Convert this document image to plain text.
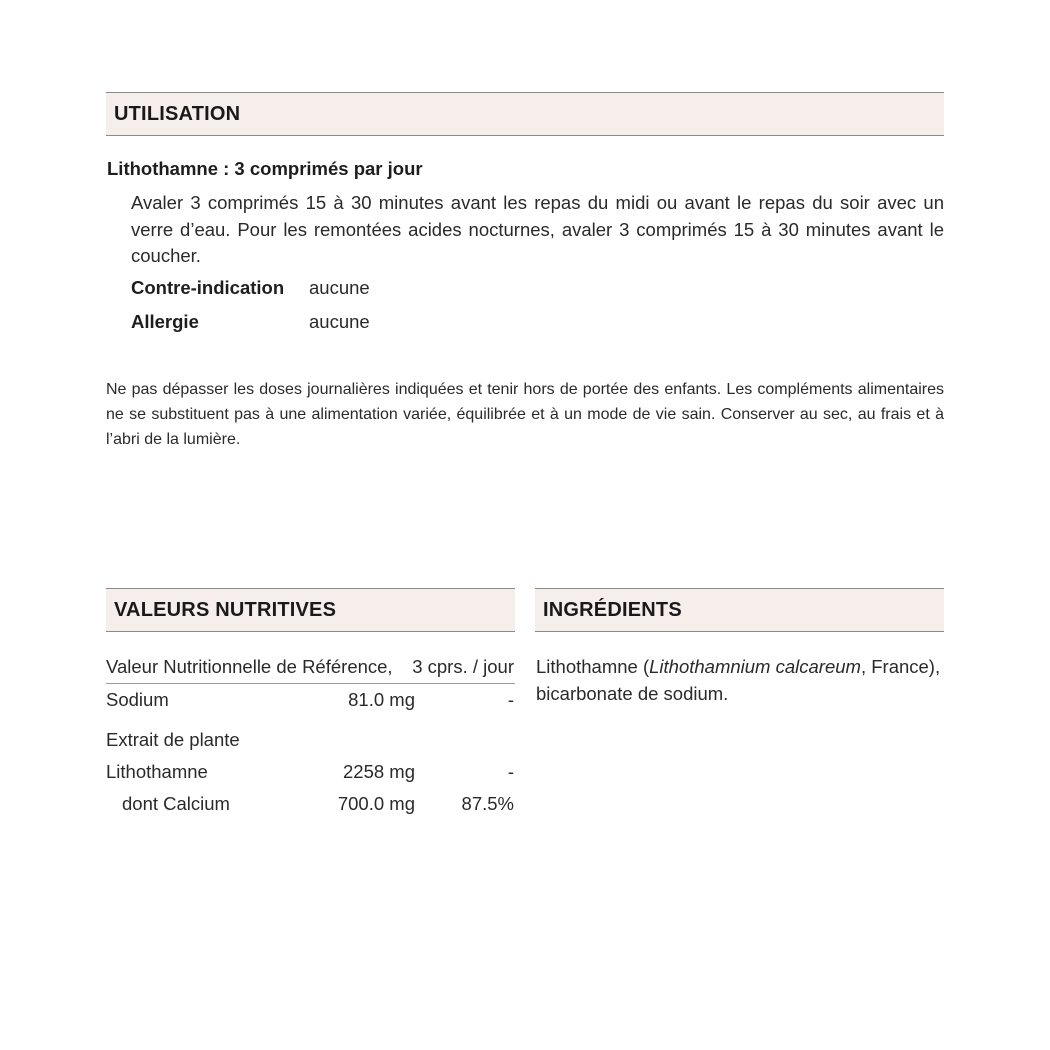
UTILISATION
Lithothamne : 3 comprimés par jour
Avaler 3 comprimés 15 à 30 minutes avant les repas du midi ou avant le repas du soir avec un verre d’eau. Pour les remontées acides nocturnes, avaler 3 comprimés 15 à 30 minutes avant le coucher.
Contre-indication aucune
Allergie	aucune
Ne pas dépasser les doses journalières indiquées et tenir hors de portée des enfants. Les compléments alimentaires ne se substituent pas à une alimentation variée, équilibrée et à un mode de vie sain. Conserver au sec, au frais et à l’abri de la lumière.
VALEURS NUTRITIVES
Valeur Nutritionnelle de Référence, 3 cprs. / jour
Sodium	81.0 mg	-
Extrait de plante
Lithothamne	2258 mg	-
dont Calcium	700.0 mg	87.5%
INGRÉDIENTS
Lithothamne (Lithothamnium calcareum, France), bicarbonate de sodium.
